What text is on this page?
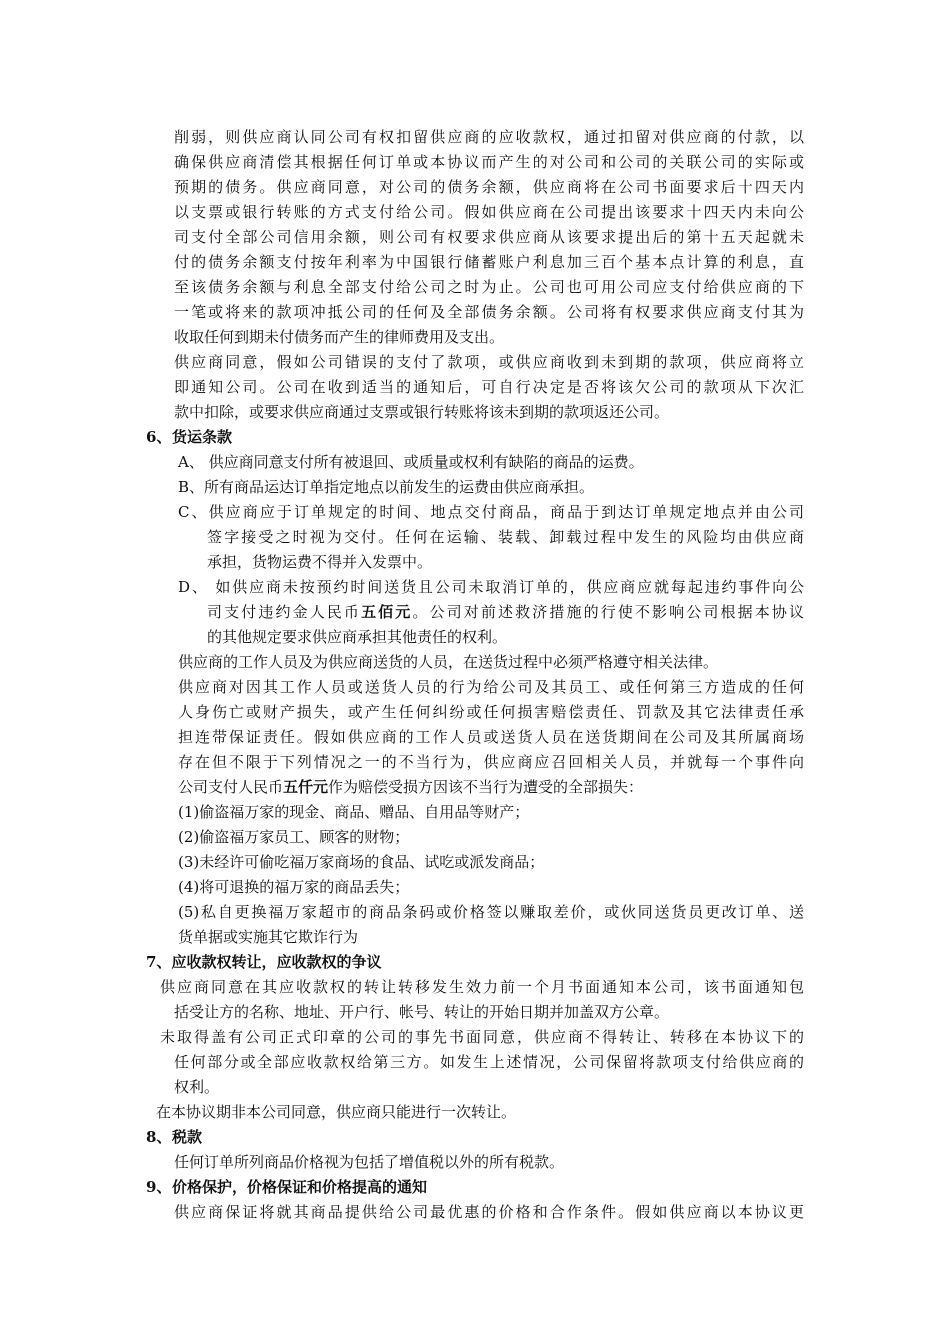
削弱，则供应商认同公司有权扣留供应商的应收款权，通过扣留对供应商的付款，以

确保供应商清偿其根据任何订单或本协议而产生的对公司和公司的关联公司的实际或

预期的债务。供应商同意，对公司的债务余额，供应商将在公司书面要求后十四天内

以支票或银行转账的方式支付给公司。假如供应商在公司提出该要求十四天内未向公

司支付全部公司信用余额，则公司有权要求供应商从该要求提出后的第十五天起就未

付的债务余额支付按年利率为中国银行储蓄账户利息加三百个基本点计算的利息，直

至该债务余额与利息全部支付给公司之时为止。公司也可用公司应支付给供应商的下

一笔或将来的款项冲抵公司的任何及全部债务余额。公司将有权要求供应商支付其为

收取任何到期未付债务而产生的律师费用及支出。

供应商同意，假如公司错误的支付了款项，或供应商收到未到期的款项，供应商将立

即通知公司。公司在收到适当的通知后，可自行决定是否将该欠公司的款项从下次汇

款中扣除，或要求供应商通过支票或银行转账将该未到期的款项返还公司。

6、货运条款

A、 供应商同意支付所有被退回、或质量或权利有缺陷的商品的运费。

B、所有商品运达订单指定地点以前发生的运费由供应商承担。

C、供应商应于订单规定的时间、地点交付商品，商品于到达订单规定地点并由公司

签字接受之时视为交付。任何在运输、装载、卸载过程中发生的风险均由供应商

承担，货物运费不得并入发票中。

D、 如供应商未按预约时间送货且公司未取消订单的，供应商应就每起违约事件向公

司支付违约金人民币五佰元。公司对前述救济措施的行使不影响公司根据本协议

的其他规定要求供应商承担其他责任的权利。

供应商的工作人员及为供应商送货的人员，在送货过程中必须严格遵守相关法律。

供应商对因其工作人员或送货人员的行为给公司及其员工、或任何第三方造成的任何

人身伤亡或财产损失，或产生任何纠纷或任何损害赔偿责任、罚款及其它法律责任承

担连带保证责任。假如供应商的工作人员或送货人员在送货期间在公司及其所属商场

存在但不限于下列情况之一的不当行为，供应商应召回相关人员，并就每一个事件向

公司支付人民币五仟元作为赔偿受损方因该不当行为遭受的全部损失：

(1)偷盗福万家的现金、商品、赠品、自用品等财产；

(2)偷盗福万家员工、顾客的财物；

(3)未经许可偷吃福万家商场的食品、试吃或派发商品；

(4)将可退换的福万家的商品丢失；

(5)私自更换福万家超市的商品条码或价格签以赚取差价，或伙同送货员更改订单、送

货单据或实施其它欺诈行为

7、应收款权转让，应收款权的争议

供应商同意在其应收款权的转让转移发生效力前一个月书面通知本公司，该书面通知包

括受让方的名称、地址、开户行、帐号、转让的开始日期并加盖双方公章。

未取得盖有公司正式印章的公司的事先书面同意，供应商不得转让、转移在本协议下的

任何部分或全部应收款权给第三方。如发生上述情况，公司保留将款项支付给供应商的

权利。

在本协议期非本公司同意，供应商只能进行一次转让。

8、税款

任何订单所列商品价格视为包括了增值税以外的所有税款。

9、价格保护，价格保证和价格提高的通知

供应商保证将就其商品提供给公司最优惠的价格和合作条件。假如供应商以本协议更
